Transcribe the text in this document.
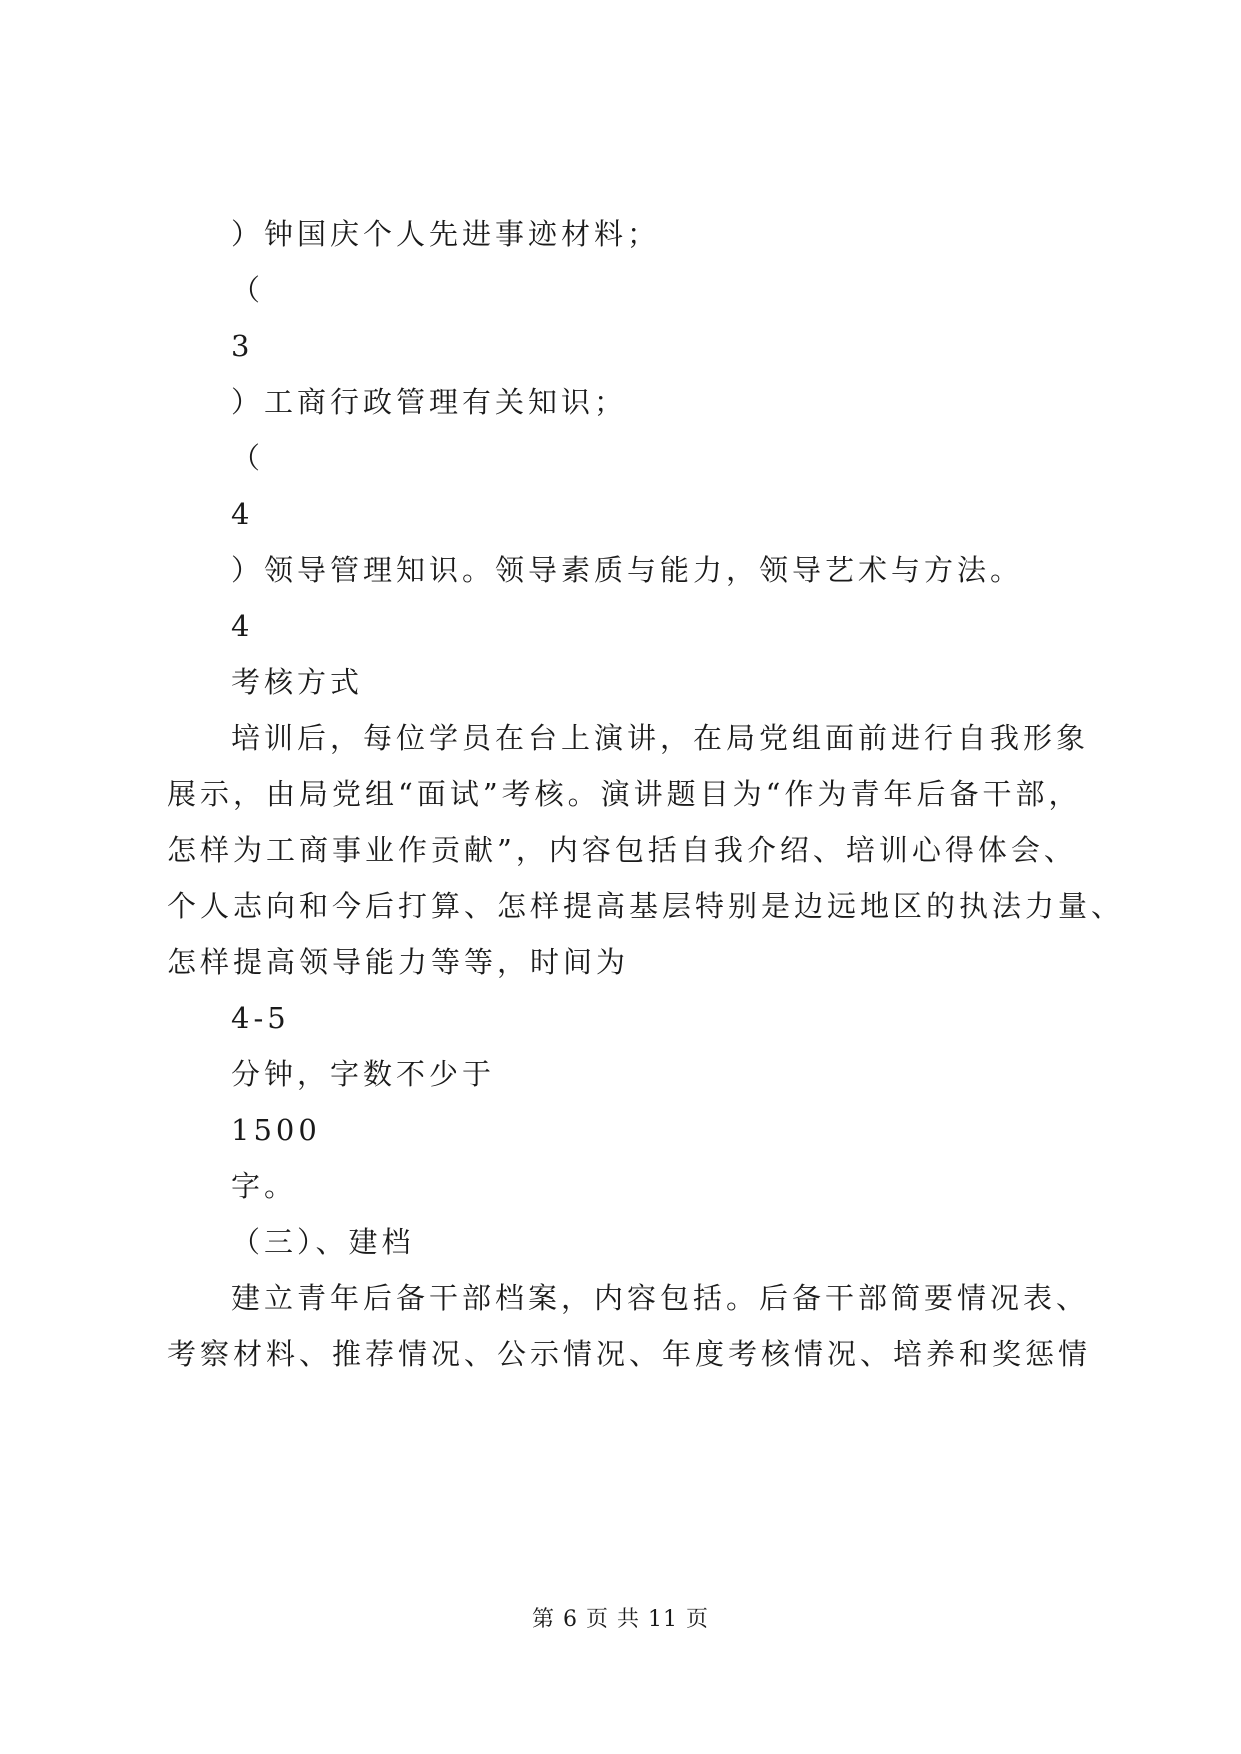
）钟国庆个人先进事迹材料；
（
3
）工商行政管理有关知识；
（
4
）领导管理知识。领导素质与能力，领导艺术与方法。
4
考核方式
培训后，每位学员在台上演讲，在局党组面前进行自我形象
展示，由局党组“面试”考核。演讲题目为“作为青年后备干部，
怎样为工商事业作贡献”，内容包括自我介绍、培训心得体会、
个人志向和今后打算、怎样提高基层特别是边远地区的执法力量、
怎样提高领导能力等等，时间为
4-5
分钟，字数不少于
1500
字。
（三）、建档
建立青年后备干部档案，内容包括。后备干部简要情况表、
考察材料、推荐情况、公示情况、年度考核情况、培养和奖惩情
第 6 页 共 11 页
